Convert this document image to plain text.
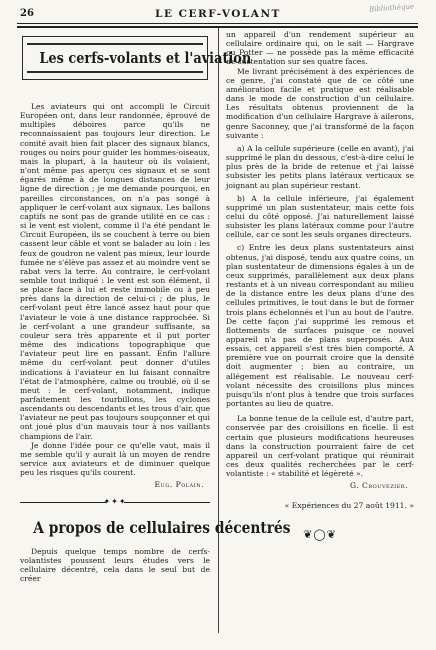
26	LE CERF-VOLANT	Bibliothèque
Les cerfs-volants et l'aviation

Les aviateurs qui ont accompli le Circuit Européen ont, dans leur randonnée, éprouvé de multiples déboires parce qu'ils ne reconnaissaient pas toujours leur direction. Le comité avait bien fait placer des signaux blancs, rouges ou noirs pour guider les hommes-oiseaux, mais la plupart, à la hauteur où ils volaient, n'ont même pas aperçu ces signaux et se sont égarés même à de longues distances de leur ligne de direction ; je me demande pourquoi, en pareilles circonstances, on n'a pas songé à appliquer le cerf-volant aux signaux. Les ballons captifs ne sont pas de grande utilité en ce cas : si le vent est violent, comme il l'a été pendant le Circuit Européen, ils se couchent à terre ou bien cassent leur câble et vont se balader au loin : les feux de goudron ne valent pas mieux, leur lourde fumée ne s'élève pas assez et au moindre vent se rabat vers la terre. Au contraire, le cerf-volant semble tout indiqué : le vent est son élément, il se place face à lui et reste immobile ou à peu près dans la direction de celui-ci ; de plus, le cerf-volant peut être lancé assez haut pour que l'aviateur le voie à une distance rapprochée. Si le cerf-volant a une grandeur suffisante, sa couleur sera très apparente et il put porter même des indications topographique que l'aviateur peut lire en passant. Enfin l'allure même du cerf-volant peut donner d'utiles indications à l'aviateur en lui faisant connaître l'état de l'atmosphère, calme ou troublé, où il se meut : le cerf-volant, notamment, indique parfaitement les tourbillons, les cyclones ascendants ou descendants et les trous d'air, que l'aviateur ne peut pas toujours soupçonner et qui ont joué plus d'un mauvais tour à nos vaillants champions de l'air.

Je donne l'idée pour ce qu'elle vaut, mais il me semble qu'il y aurait là un moyen de rendre service aux aviateurs et de diminuer quelque peu les risques qu'ils courent.

Eug. Polain.
✦✦✦
A propos de cellulaires décentrés

Depuis quelque temps nombre de cerfs-volantistes poussent leurs études vers le cellulaire décentré, cela dans le seul but de créer

un appareil d'un rendement supérieur au cellulaire ordinaire qui, on le sait — Hargrave ou Potter — ne possède pas la même efficacité de sustentation sur ses quatre faces.

Me livrant précisément à des expériences de ce genre, j'ai constaté que de ce côté une amélioration facile et pratique est réalisable dans le mode de construction d'un cellulaire. Les résultats obtenus proviennent de la modification d'un cellulaire Hargrave à ailerons, genre Saconney, que j'ai transformé de la façon suivante :

a) A la cellule supérieure (celle en avant), j'ai supprimé le plan du dessous, c'est-à-dire celui le plus près de la bride de retenue et j'ai laissé subsister les petits plans latéraux verticaux se joignant au plan supérieur restant.

b) A la cellule inférieure, j'ai également supprimé un plan sustentateur, mais cette fois celui du côté opposé. J'ai naturellement laissé subsister les plans latéraux comme pour l'autre cellule, car ce sont les seuls organes directeurs.

c) Entre les deux plans sustentateurs ainsi obtenus, j'ai disposé, tendu aux quatre coins, un plan sustentateur de dimensions égales à un de ceux supprimés, parallèlement aux deux plans restants et à un niveau correspondant au milieu de la distance entre les deux plans d'une des cellules primitives, le tout dans le but de former trois plans échelonnés et l'un au bout de l'autre. De cette façon j'ai supprimé les remous et flottements de surfaces puisque ce nouvel appareil n'a pas de plans superposés. Aux essais, cet appareil s'est très bien comporté. A première vue on pourrait croire que la densité doit augmenter ; bien au contraire, un allégement est réalisable. Le nouveau cerf-volant nécessite des croisillons plus minces puisqu'ils n'ont plus à tendre que trois surfaces portantes au lieu de quatre.

La bonne tenue de la cellule est, d'autre part, conservée par des croisillons en ficelle. Il est certain que plusieurs modifications heureuses dans la construction pourraient faire de cet appareil un cerf-volant pratique qui réunirait ces deux qualités recherchées par le cerf-volantiste : « stabilité et légèreté ».

G. Crouvezier.
« Expériences du 27 août 1911. »
❦◯❦
